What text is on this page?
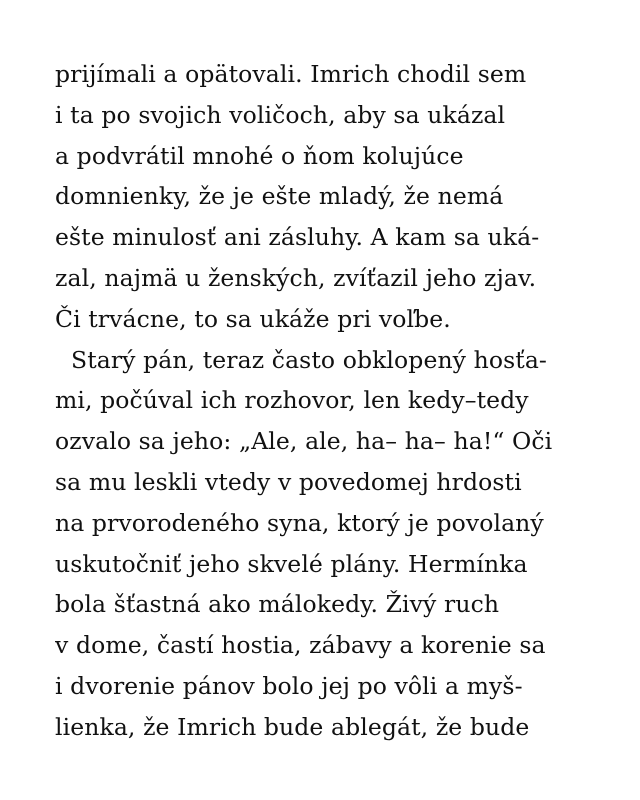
prijímali a opätovali. Imrich chodil sem
i ta po svojich voličoch, aby sa ukázal
a podvrátil mnohé o ňom kolujúce
domnienky, že je ešte mladý, že nemá
ešte minulosť ani zásluhy. A kam sa uká-
zal, najmä u ženských, zvíťazil jeho zjav.
Či trvácne, to sa ukáže pri voľbe.
Starý pán, teraz často obklopený hosťa-
mi, počúval ich rozhovor, len kedy–tedy
ozvalo sa jeho: „Ale, ale, ha– ha– ha!“ Oči
sa mu leskli vtedy v povedomej hrdosti
na prvorodeného syna, ktorý je povolaný
uskutočniť jeho skvelé plány. Hermínka
bola šťastná ako málokedy. Živý ruch
v dome, častí hostia, zábavy a korenie sa
i dvorenie pánov bolo jej po vôli a myš-
lienka, že Imrich bude ablegát, že bude
